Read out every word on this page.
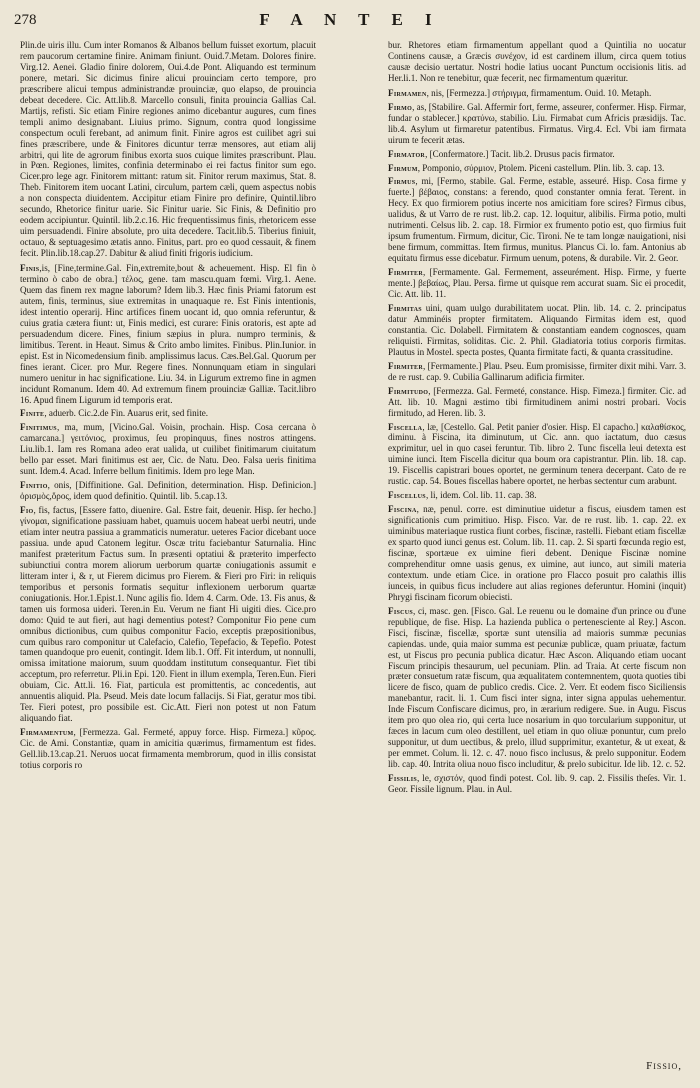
278	F A N T E I

Plin.de uiris illu. Cum inter Romanos & Albanos bellum fuisset exortum, placuit rem paucorum certamine finire. Animam finiunt. Ouid.7.Metam. Dolores finire. Virg.12. Aenei. Gladio finire dolorem, Oui.4.de Pont. Aliquando est terminum ponere, metari. Sic dicimus finire alicui prouinciam certo tempore, pro præscribere alicui tempus administrandæ prouinciæ, quo elapso, de prouincia debeat decedere. Cic. Att.lib.8. Marcello consuli, finita prouincia Gallias Cal. Martijs, refisti. Sic etiam Finire regiones animo dicebantur augures, cum fines templi animo designabant. Liuius primo. Signum, contra quod longissime conspectum oculi ferebant, ad animum finit. Finire agros est cuilibet agri sui fines præscribere, unde & Finitores dicuntur terræ mensores, aut etiam alij arbitri, qui lite de agrorum finibus exorta suos cuique limites præscribunt. Plau. in Pœn. Regiones, limites, confinia determinabo ei rei factus finitor sum ego. Cicer.pro lege agr. Finitorem mittant: ratum sit. Finitor rerum maximus, Stat. 8. Theb. Finitorem item uocant Latini, circulum, partem cæli, quem aspectus nobis a non conspecta diuidentem. Accipitur etiam Finire pro definire, Quintil.libro secundo, Rhetorice finitur uarie. Sic Finitur uarie. Sic Finis, & Definitio pro eodem accipiuntur. Quintil. lib.2.c.16. Hic frequentissimus finis, rhetoricem esse uim persuadendi. Finire absolute, pro uita decedere. Tacit.lib.5. Tiberius finiuit, octauo, & septuagesimo ætatis anno. Finitus, part. pro eo quod cessauit, & finem fecit. Plin.lib.18.cap.27. Dabitur & aliud finiti frigoris iudicium.

Finis,is, [Fine,termine.Gal. Fin,extremite,bout & acheuement. Hisp. El fin ò termino ò cabo de obra.] τέλος, gene. tam mascu.quam fœmi. Virg.1. Aene. Quem das finem rex magne laborum? Idem lib.3. Hæc finis Priami fatorum est autem, finis, terminus, siue extremitas in unaquaque re. Est Finis intentionis, idest intentio operarij. Hinc artifices finem uocant id, quo omnia referuntur, & cuius gratia cætera fiunt: ut, Finis medici, est curare: Finis oratoris, est apte ad persuadendum dicere. Fines, finium sæpius in plura. numpro terminis, & limitibus. Terent. in Heaut. Simus & Crito ambo limites. Finibus. Plin.Iunior. in epist. Est in Nicomedensium finib. amplissimus lacus. Cæs.Bel.Gal. Quorum per fines ierant. Cicer. pro Mur. Regere fines. Nonnunquam etiam in singulari numero uenitur in hac significatione. Liu. 34. in Ligurum extremo fine in agmen incidunt Romanum. Idem 40. Ad extremum finem prouinciæ Galliæ. Tacit.libro 16. Apud finem Ligurum id temporis erat.

Finite, aduerb. Cic.2.de Fin. Auarus erit, sed finite.

Finitimus, ma, mum, [Vicino.Gal. Voisin, prochain. Hisp. Cosa cercana ò camarcana.] γειτόνιος, proximus, ſeu propinquus, fines nostros attingens. Liu.lib.1. Iam res Romana adeo erat ualida, ut cuilibet finitimarum ciuitatum bello par esset. Mari finitimus est aer, Cic. de Natu. Deo. Falsa ueris finitima sunt. Idem.4. Acad. Inferre bellum finitimis. Idem pro lege Man.

Finitio, onis, [Diffinitione. Gal. Definition, determination. Hisp. Definicion.] ὁρισμὸς,ὅρος, idem quod definitio. Quintil. lib. 5.cap.13.

Fio, fis, factus, [Essere fatto, diuenire. Gal. Estre fait, deuenir. Hisp. ſer hecho.] γίνομαι, significatione passiuam habet, quamuis uocem habeat uerbi neutri, unde etiam inter neutra passiua a grammaticis numeratur. ueteres Facior dicebant uoce passiua. unde apud Catonem legitur. Oscæ tritu faciebantur Saturnalia. Hinc manifest præteritum Factus sum. In præsenti optatiui & præterito imperfecto subiunctiui contra morem aliorum uerborum quartæ coniugationis assumit e litteram inter i, & r, ut Fierem dicimus pro Fierem. & Fieri pro Firi: in reliquis temporibus et personis formatis sequitur inflexionem uerborum quartæ coniugationis. Hor.1.Epist.1. Nunc agilis fio. Idem 4. Carm. Ode. 13. Fis anus, & tamen uis formosa uideri. Teren.in Eu. Verum ne fiant Hi uigiti dies. Cice.pro domo: Quid te aut fieri, aut hagi dementius potest? Componitur Fio pene cum omnibus dictionibus, cum quibus componitur Facio, exceptis præpositionibus, cum quibus raro componitur ut Calefacio, Calefio, Tepefacio, & Tepefio. Potest tamen quandoque pro euenit, contingit. Idem lib.1. Off. Fit interdum, ut nonnulli, omissa imitatione maiorum, suum quoddam institutum consequantur. Fiet tibi acceptum, pro referretur. Pli.in Epi. 120. Fient in illum exempla, Teren.Eun. Fieri obuiam, Cic. Att.li. 16. Fiat, particula est promittentis, ac concedentis, aut annuentis aliquid. Pla. Pseud. Meis date locum fallacijs. Si Fiat, geratur mos tibi. Ter. Fieri potest, pro possibile est. Cic.Att. Fieri non potest ut non Fatum aliquando fiat.

Firmamentum, [Fermezza. Gal. Fermeté, appuy force. Hisp. Firmeza.] κῦρος. Cic. de Ami. Constantiæ, quam in amicitia quærimus, firmamentum est fides. Gell.lib.13.cap.21. Neruos uocat firmamenta membrorum, quod in illis consistat totius corporis ro

bur. Rhetores etiam firmamentum appellant quod a Quintilia no uocatur Continens causæ, a Græcis συνέχον, id est cardinem illum, circa quem totius causæ decisio uertatur. Nostri hodie latius uocant Punctum occisionis litis. ad Her.li.1. Non re tenebitur, quæ fecerit, nec firmamentum quæritur.

Firmamen, nis, [Fermezza.] στήριγμα, firmamentum. Ouid. 10. Metaph.

Firmo, as, [Stabilire. Gal. Affermir fort, ferme, asseurer, confermer. Hisp. Firmar, fundar o stablecer.] κρατύνω, stabilio. Liu. Firmabat cum Africis præsidijs. Tac. lib.4. Asylum ut firmaretur patentibus. Firmatus. Virg.4. Ecl. Vbi iam firmata uirum te fecerit ætas.

Firmator, [Confermatore.] Tacit. lib.2. Drusus pacis firmator.

Firmum, Pomponio, σύρμιον, Ptolem. Piceni castellum. Plin. lib. 3. cap. 13.

Firmus, mi, [Fermo, stabile. Gal. Ferme, estable, asseuré. Hisp. Cosa firme y fuerte.] βέβαιος, constans: a ferendo, quod constanter omnia ferat. Terent. in Hecy. Ex quo firmiorem potius incerte nos amicitiam fore scires? Firmus cibus, ualidus, & ut Varro de re rust. lib.2. cap. 12. loquitur, alibilis. Firma potio, multi nutrimenti. Celsus lib. 2. cap. 18. Firmior ex frumento potio est, quo firmius fuit ipsum frumentum. Firmum, dicitur, Cic. Tironi. Ne te tam longæ nauigationi, nisi bene firmum, committas. Item firmus, munitus. Plancus Ci. lo. fam. Antonius ab equitatu firmus esse dicebatur. Firmum uenum, potens, & durabile. Vir. 2. Geor.

Firmiter, [Fermamente. Gal. Fermement, asseurément. Hisp. Firme, y fuerte mente.] βεβαίως, Plau. Persa. firme ut quisque rem accurat suam. Sic ei procedit, Cic. Att. lib. 11.

Firmitas uini, quam uulgo durabilitatem uocat. Plin. lib. 14. c. 2. principatus datur Amminéis propter firmitatem. Aliquando Firmitas idem est, quod constantia. Cic. Dolabell. Firmitatem & constantiam eandem cognosces, quam reliquisti. Firmitas, soliditas. Cic. 2. Phil. Gladiatoria totius corporis firmitas. Plautus in Mostel. specta postes, Quanta firmitate facti, & quanta crassitudine.

Firmiter, [Fermamente.] Plau. Pseu. Eum promisisse, firmiter dixit mihi. Varr. 3. de re rust. cap. 9. Cubilia Gallinarum adificia firmiter.

Firmitudo, [Fermezza. Gal. Fermeté, constance. Hisp. Fimeza.] firmiter. Cic. ad Att. lib. 10. Magni æstimo tibi firmitudinem animi nostri probari. Vocis firmitudo, ad Heren. lib. 3.

Fiscella, læ, [Cestello. Gal. Petit panier d'osier. Hisp. El capacho.] καλαθίσκος, diminu. à Fiscina, ita diminutum, ut Cic. ann. quo iactatum, duo cæsus exprimitur, uel in quo casei feruntur. Tib. libro 2. Tunc fiscella leui detexta est uimine iunci. Item Fiscella dicitur qua boum ora capistrantur. Plin. lib. 18. cap. 19. Fiscellis capistrari boues oportet, ne germinum tenera decerpant. Cato de re rustic. cap. 54. Boues fiscellas habere oportet, ne herbas sectentur cum arabunt.

Fiscellus, li, idem. Col. lib. 11. cap. 38.

Fiscina, næ, penul. corre. est diminutiue uidetur a fiscus, eiusdem tamen est significationis cum primitiuo. Hisp. Fisco. Var. de re rust. lib. 1. cap. 22. ex uiminibus materiaque rustica fiunt corbes, fiscinæ, rastelli. Fiebant etiam fiscellæ ex sparto quod iunci genus est. Colum. lib. 11. cap. 2. Si sparti fœcunda regio est, fiscinæ, sportæue ex uimine fieri debent. Denique Fiscinæ nomine comprehenditur omne uasis genus, ex uimine, aut iunco, aut simili materia contextum. unde etiam Cice. in oratione pro Flacco posuit pro calathis illis iunceis, in quibus ficus includere aut alias regiones deferuntur. Homini (inquit) Phrygi fiscinam ficorum obiecisti.

Fiscus, ci, masc. gen. [Fisco. Gal. Le reuenu ou le domaine d'un prince ou d'une republique, de fise. Hisp. La hazienda publica o pertenesciente al Rey.] Ascon. Fisci, fiscinæ, fiscellæ, sportæ sunt utensilia ad maioris summæ pecunias capiendas. unde, quia maior summa est pecuniæ publicæ, quam priuatæ, factum est, ut Fiscus pro pecunia publica dicatur. Hæc Ascon. Aliquando etiam uocant Fiscum principis thesaurum, uel pecuniam. Plin. ad Traia. At certe fiscum non præter consuetum ratæ fiscum, qua æqualitatem contemnentem, quota quoties tibi licere de fisco, quam de publico credis. Cice. 2. Verr. Et eodem fisco Siciliensis manebantur, racit. li. 1. Cum fisci inter signa, inter signa appulas uehementur. Inde Fiscum Confiscare dicimus, pro, in ærarium redigere. Sue. in Augu. Fiscus item pro quo olea rio, qui certa luce nosarium in quo torcularium supponitur, ut fæces in lacum cum oleo destillent, uel etiam in quo oliuæ ponuntur, cum prelo supponitur, ut dum uectibus, & prelo, illud supprimitur, exantetur, & ut exeat, & per emmet. Colum. li. 12. c. 47. nouo fisco inclusus, & prelo supponitur. Eodem lib. cap. 40. Intrita oliua nouo fisco includitur, & prelo subicitur. Ide lib. 12. c. 52.

Fissilis, le, σχιστόν, quod findi potest. Col. lib. 9. cap. 2. Fissilis theſes. Vir. 1. Geor. Fissile lignum. Plau. in Aul.

Fissio,
